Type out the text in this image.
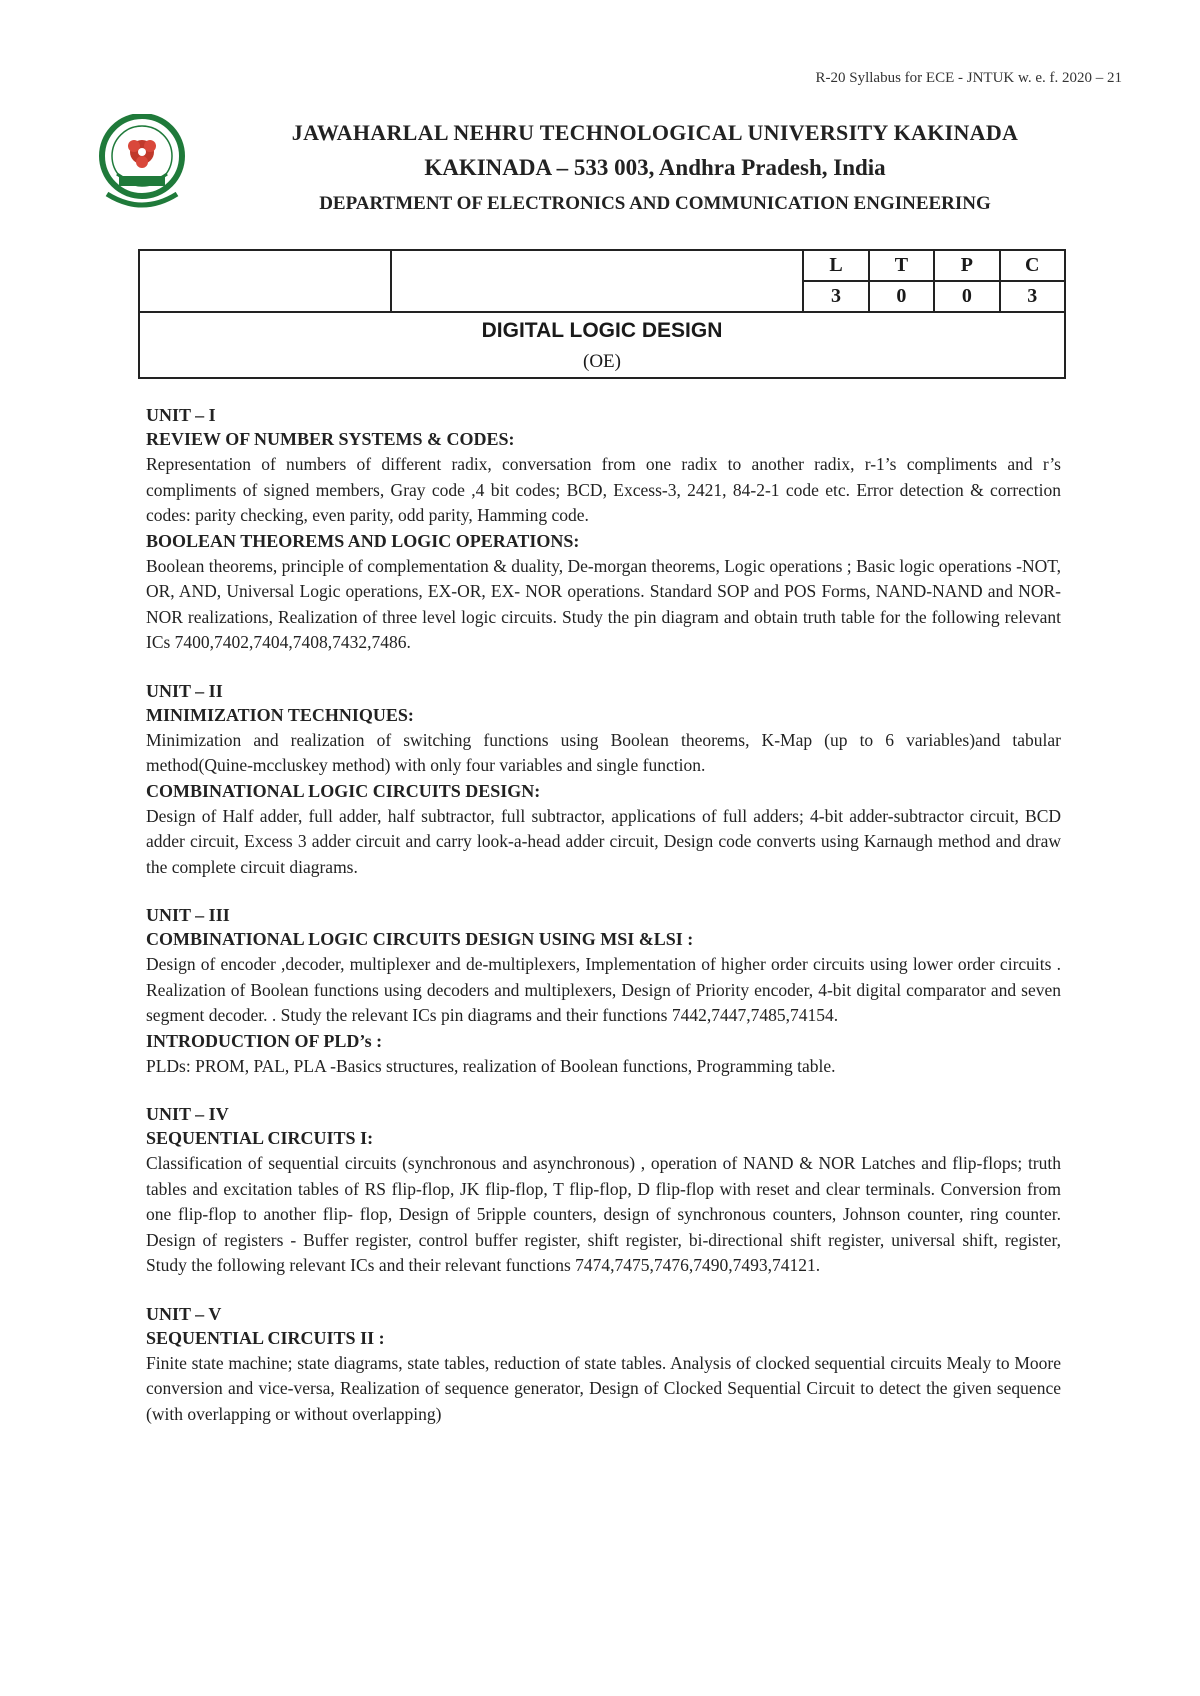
R-20 Syllabus for ECE - JNTUK w. e. f. 2020 – 21
JAWAHARLAL NEHRU TECHNOLOGICAL UNIVERSITY KAKINADA
KAKINADA – 533 003, Andhra Pradesh, India
DEPARTMENT OF ELECTRONICS AND COMMUNICATION ENGINEERING
		L	T	P	C
		3	0	0	3

DIGITAL LOGIC DESIGN
(OE)					
UNIT – I
REVIEW OF NUMBER SYSTEMS & CODES:

Representation of numbers of different radix, conversation from one radix to another radix, r-1’s compliments and r’s compliments of signed members, Gray code ,4 bit codes; BCD, Excess-3, 2421, 84-2-1 code etc. Error detection & correction codes: parity checking, even parity, odd parity, Hamming code.

BOOLEAN THEOREMS AND LOGIC OPERATIONS:

Boolean theorems, principle of complementation & duality, De-morgan theorems, Logic operations ; Basic logic operations -NOT, OR, AND, Universal Logic operations, EX-OR, EX- NOR operations. Standard SOP and POS Forms, NAND-NAND and NOR-NOR realizations, Realization of three level logic circuits. Study the pin diagram and obtain truth table for the following relevant ICs 7400,7402,7404,7408,7432,7486.

UNIT – II
MINIMIZATION TECHNIQUES:

Minimization and realization of switching functions using Boolean theorems, K-Map (up to 6 variables)and tabular method(Quine-mccluskey method) with only four variables and single function.

COMBINATIONAL LOGIC CIRCUITS DESIGN:

Design of Half adder, full adder, half subtractor, full subtractor, applications of full adders; 4-bit adder-subtractor circuit, BCD adder circuit, Excess 3 adder circuit and carry look-a-head adder circuit, Design code converts using Karnaugh method and draw the complete circuit diagrams.

UNIT – III
COMBINATIONAL LOGIC CIRCUITS DESIGN USING MSI &LSI :

Design of encoder ,decoder, multiplexer and de-multiplexers, Implementation of higher order circuits using lower order circuits . Realization of Boolean functions using decoders and multiplexers, Design of Priority encoder, 4-bit digital comparator and seven segment decoder. . Study the relevant ICs pin diagrams and their functions 7442,7447,7485,74154.

INTRODUCTION OF PLD’s :

PLDs: PROM, PAL, PLA -Basics structures, realization of Boolean functions, Programming table.

UNIT – IV
SEQUENTIAL CIRCUITS I:

Classification of sequential circuits (synchronous and asynchronous) , operation of NAND & NOR Latches and flip-flops; truth tables and excitation tables of RS flip-flop, JK flip-flop, T flip-flop, D flip-flop with reset and clear terminals. Conversion from one flip-flop to another flip- flop, Design of 5ripple counters, design of synchronous counters, Johnson counter, ring counter. Design of registers - Buffer register, control buffer register, shift register, bi-directional shift register, universal shift, register, Study the following relevant ICs and their relevant functions 7474,7475,7476,7490,7493,74121.

UNIT – V
SEQUENTIAL CIRCUITS II :

Finite state machine; state diagrams, state tables, reduction of state tables. Analysis of clocked sequential circuits Mealy to Moore conversion and vice-versa, Realization of sequence generator, Design of Clocked Sequential Circuit to detect the given sequence (with overlapping or without overlapping)
